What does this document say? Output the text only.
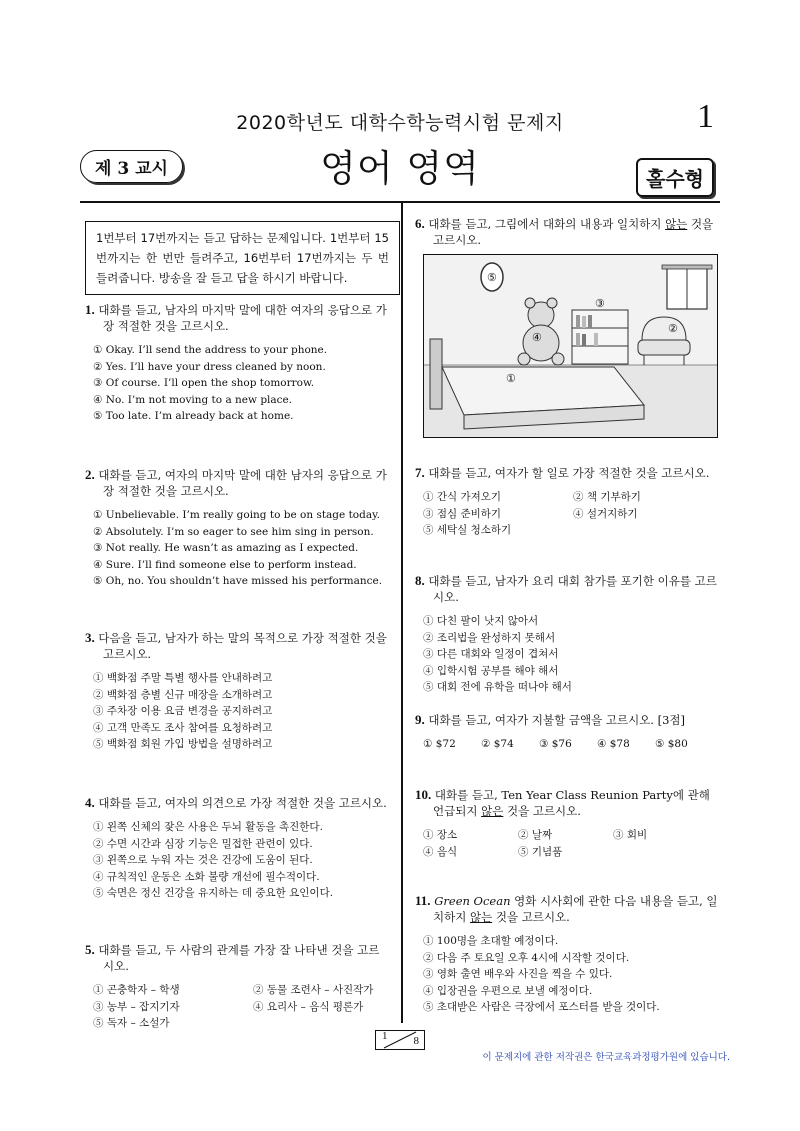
2020학년도 대학수학능력시험 문제지	1
제 3 교시	영어 영역	홀수형
1번부터 17번까지는 듣고 답하는 문제입니다. 1번부터 15번까지는 한 번만 들려주고, 16번부터 17번까지는 두 번 들려줍니다. 방송을 잘 듣고 답을 하시기 바랍니다.
1. 대화를 듣고, 남자의 마지막 말에 대한 여자의 응답으로 가장 적절한 것을 고르시오.
① Okay. I’ll send the address to your phone.
② Yes. I’ll have your dress cleaned by noon.
③ Of course. I’ll open the shop tomorrow.
④ No. I’m not moving to a new place.
⑤ Too late. I’m already back at home.
2. 대화를 듣고, 여자의 마지막 말에 대한 남자의 응답으로 가장 적절한 것을 고르시오.
① Unbelievable. I’m really going to be on stage today.
② Absolutely. I’m so eager to see him sing in person.
③ Not really. He wasn’t as amazing as I expected.
④ Sure. I’ll find someone else to perform instead.
⑤ Oh, no. You shouldn’t have missed his performance.
3. 다음을 듣고, 남자가 하는 말의 목적으로 가장 적절한 것을 고르시오.
① 백화점 주말 특별 행사를 안내하려고
② 백화점 층별 신규 매장을 소개하려고
③ 주차장 이용 요금 변경을 공지하려고
④ 고객 만족도 조사 참여를 요청하려고
⑤ 백화점 회원 가입 방법을 설명하려고
4. 대화를 듣고, 여자의 의견으로 가장 적절한 것을 고르시오.
① 왼쪽 신체의 잦은 사용은 두뇌 활동을 촉진한다.
② 수면 시간과 심장 기능은 밀접한 관련이 있다.
③ 왼쪽으로 누워 자는 것은 건강에 도움이 된다.
④ 규칙적인 운동은 소화 불량 개선에 필수적이다.
⑤ 숙면은 정신 건강을 유지하는 데 중요한 요인이다.
5. 대화를 듣고, 두 사람의 관계를 가장 잘 나타낸 것을 고르시오.
① 곤충학자 – 학생	② 동물 조련사 – 사진작가
③ 농부 – 잡지기자	④ 요리사 – 음식 평론가
⑤ 독자 – 소설가
6. 대화를 듣고, 그림에서 대화의 내용과 일치하지 않는 것을 고르시오.
⑤
③
②
④
①
7. 대화를 듣고, 여자가 할 일로 가장 적절한 것을 고르시오.
① 간식 가져오기	② 책 기부하기
③ 점심 준비하기	④ 설거지하기
⑤ 세탁실 청소하기
8. 대화를 듣고, 남자가 요리 대회 참가를 포기한 이유를 고르시오.
① 다친 팔이 낫지 않아서
② 조리법을 완성하지 못해서
③ 다른 대회와 일정이 겹쳐서
④ 입학시험 공부를 해야 해서
⑤ 대회 전에 유학을 떠나야 해서
9. 대화를 듣고, 여자가 지불할 금액을 고르시오. [3점]
① $72	② $74	③ $76	④ $78	⑤ $80
10. 대화를 듣고, Ten Year Class Reunion Party에 관해 언급되지 않은 것을 고르시오.
① 장소	② 날짜	③ 회비
④ 음식	⑤ 기념품
11. Green Ocean 영화 시사회에 관한 다음 내용을 듣고, 일치하지 않는 것을 고르시오.
① 100명을 초대할 예정이다.
② 다음 주 토요일 오후 4시에 시작할 것이다.
③ 영화 출연 배우와 사진을 찍을 수 있다.
④ 입장권을 우편으로 보낼 예정이다.
⑤ 초대받은 사람은 극장에서 포스터를 받을 것이다.
1 8
이 문제지에 관한 저작권은 한국교육과정평가원에 있습니다.
